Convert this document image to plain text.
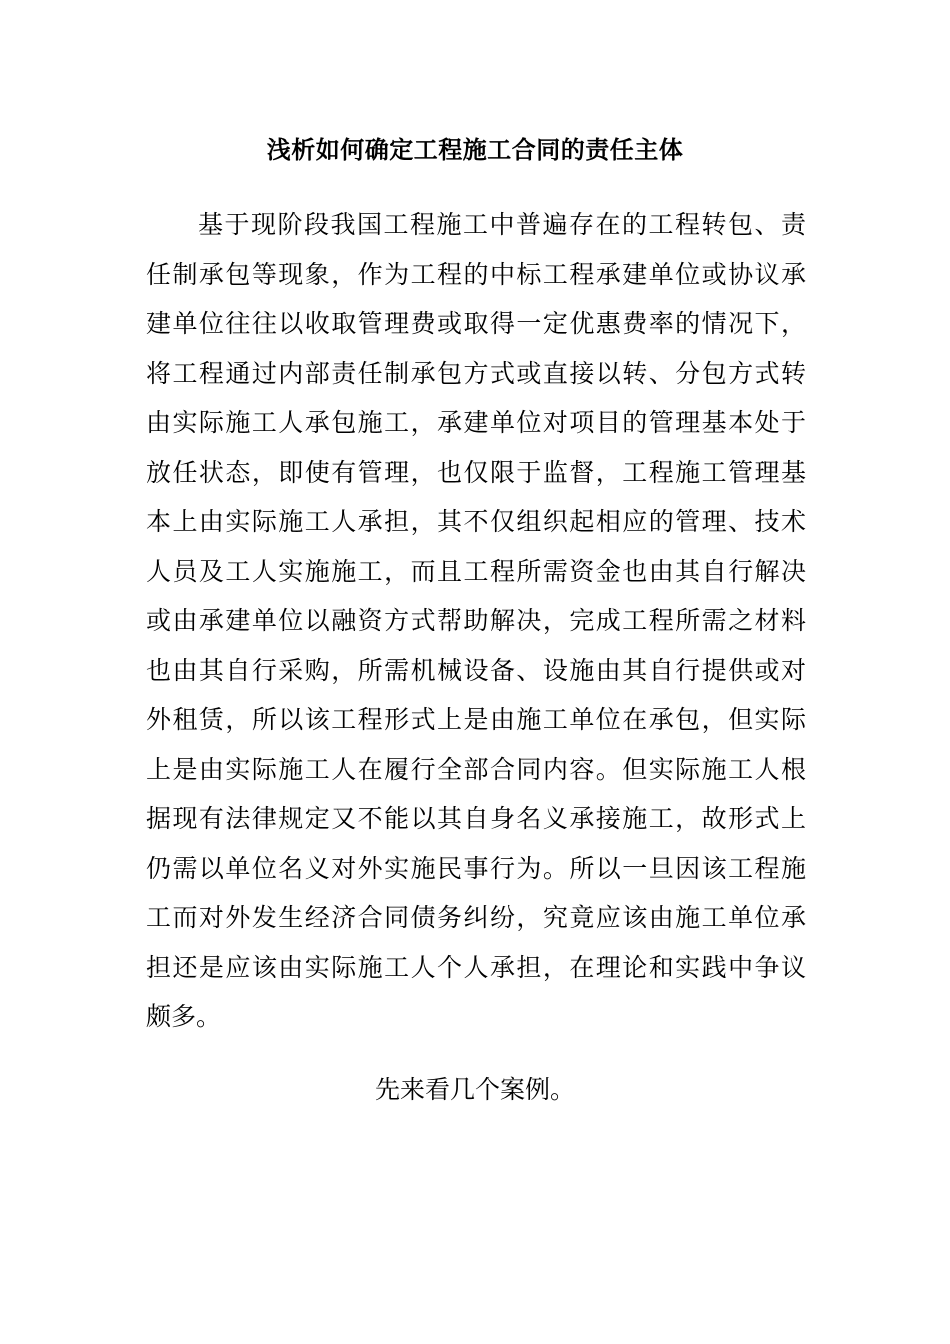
浅析如何确定工程施工合同的责任主体
基于现阶段我国工程施工中普遍存在的工程转包、责
任制承包等现象，作为工程的中标工程承建单位或协议承
建单位往往以收取管理费或取得一定优惠费率的情况下，
将工程通过内部责任制承包方式或直接以转、分包方式转
由实际施工人承包施工，承建单位对项目的管理基本处于
放任状态，即使有管理，也仅限于监督，工程施工管理基
本上由实际施工人承担，其不仅组织起相应的管理、技术
人员及工人实施施工，而且工程所需资金也由其自行解决
或由承建单位以融资方式帮助解决，完成工程所需之材料
也由其自行采购，所需机械设备、设施由其自行提供或对
外租赁，所以该工程形式上是由施工单位在承包，但实际
上是由实际施工人在履行全部合同内容。但实际施工人根
据现有法律规定又不能以其自身名义承接施工，故形式上
仍需以单位名义对外实施民事行为。所以一旦因该工程施
工而对外发生经济合同债务纠纷，究竟应该由施工单位承
担还是应该由实际施工人个人承担，在理论和实践中争议
颇多。
先来看几个案例。
